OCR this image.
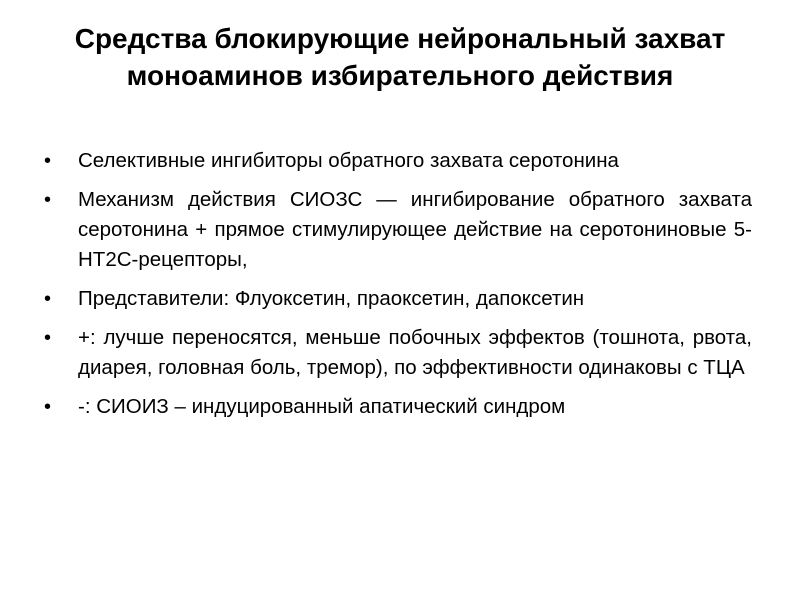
Средства блокирующие нейрональный захват моноаминов избирательного действия
•	Селективные ингибиторы обратного захвата серотонина
•	Механизм действия СИОЗС — ингибирование обратного захвата серотонина + прямое стимулирующее действие на серотониновые 5-НТ2С-рецепторы,
•	Представители: Флуоксетин, праоксетин, дапоксетин
•	+: лучше переносятся, меньше побочных эффектов (тошнота, рвота, диарея, головная боль, тремор), по эффективности одинаковы с ТЦА
•	-: СИОИЗ – индуцированный апатический синдром
